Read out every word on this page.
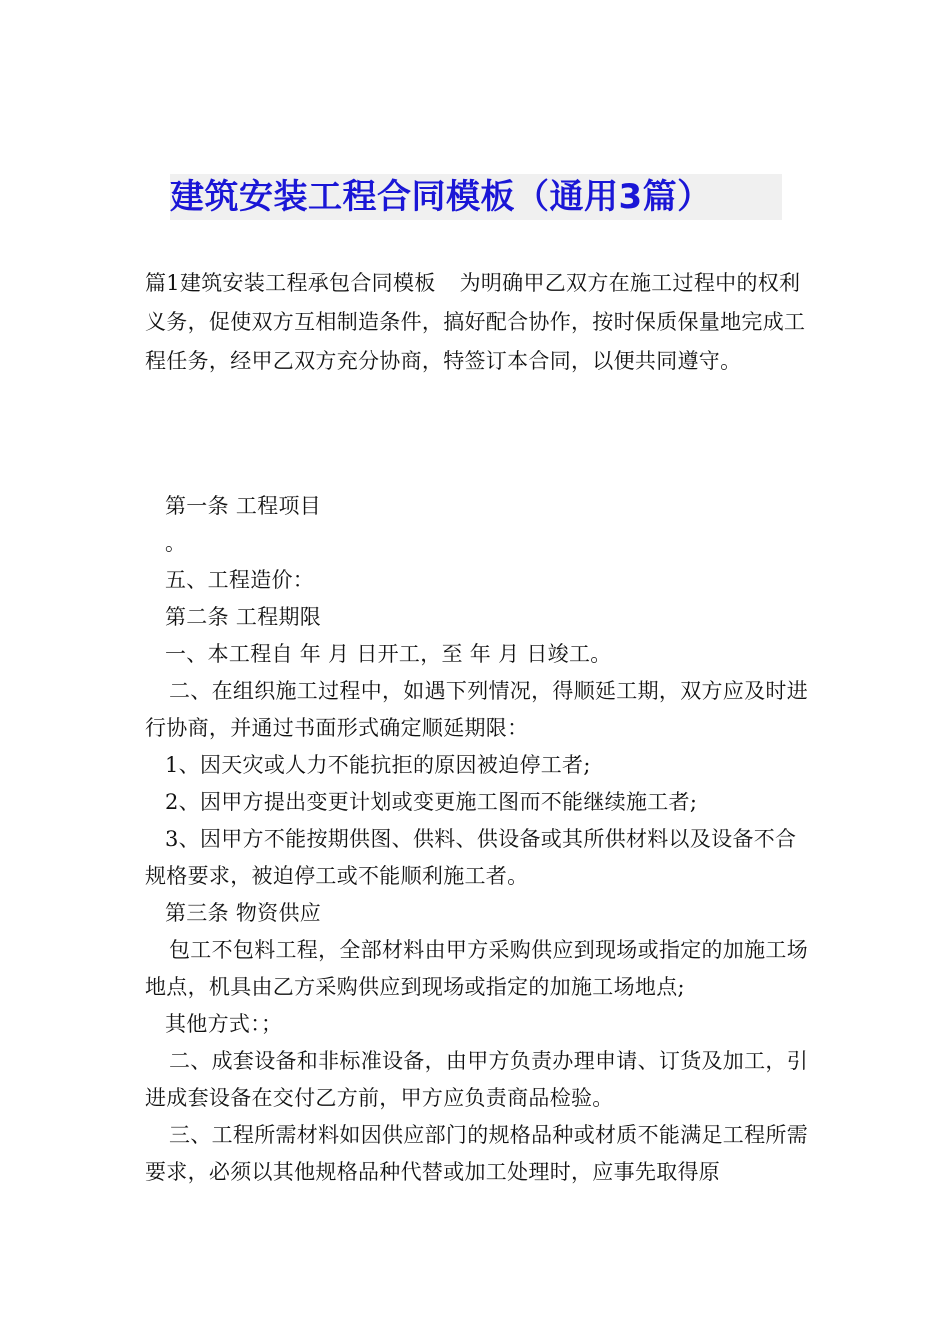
建筑安装工程合同模板（通用3篇）
篇1建筑安装工程承包合同模板 为明确甲乙双方在施工过程中的权利义务，促使双方互相制造条件，搞好配合协作，按时保质保量地完成工程任务，经甲乙双方充分协商，特签订本合同，以便共同遵守。

第一条 工程项目

。

五、工程造价：

第二条 工程期限

一、本工程自 年 月 日开工，至 年 月 日竣工。

二、在组织施工过程中，如遇下列情况，得顺延工期，双方应及时进行协商，并通过书面形式确定顺延期限：

1、因天灾或人力不能抗拒的原因被迫停工者;

2、因甲方提出变更计划或变更施工图而不能继续施工者;

3、因甲方不能按期供图、供料、供设备或其所供材料以及设备不合规格要求，被迫停工或不能顺利施工者。

第三条 物资供应

包工不包料工程，全部材料由甲方采购供应到现场或指定的加施工场地点，机具由乙方采购供应到现场或指定的加施工场地点;

其他方式：；

二、成套设备和非标准设备，由甲方负责办理申请、订货及加工，引进成套设备在交付乙方前，甲方应负责商品检验。

三、工程所需材料如因供应部门的规格品种或材质不能满足工程所需要求，必须以其他规格品种代替或加工处理时，应事先取得原
